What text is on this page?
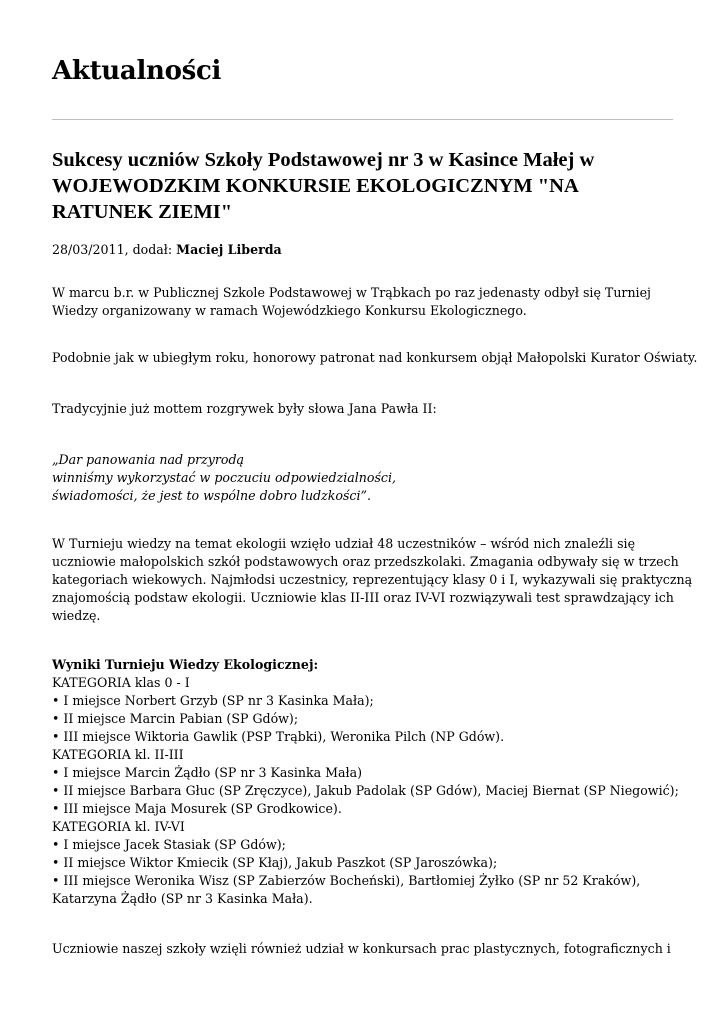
Aktualności
Sukcesy uczniów Szkoły Podstawowej nr 3 w Kasince Małej w WOJEWODZKIM KONKURSIE EKOLOGICZNYM "NA RATUNEK ZIEMI"
28/03/2011, dodał: Maciej Liberda

W marcu b.r. w Publicznej Szkole Podstawowej w Trąbkach po raz jedenasty odbył się Turniej
Wiedzy organizowany w ramach Wojewódzkiego Konkursu Ekologicznego.

Podobnie jak w ubiegłym roku, honorowy patronat nad konkursem objął Małopolski Kurator Oświaty.

Tradycyjnie już mottem rozgrywek były słowa Jana Pawła II:

„Dar panowania nad przyrodą
winniśmy wykorzystać w poczuciu odpowiedzialności,
świadomości, że jest to wspólne dobro ludzkości”.

W Turnieju wiedzy na temat ekologii wzięło udział 48 uczestników – wśród nich znaleźli się
uczniowie małopolskich szkół podstawowych oraz przedszkolaki. Zmagania odbywały się w trzech
kategoriach wiekowych. Najmłodsi uczestnicy, reprezentujący klasy 0 i I, wykazywali się praktyczną
znajomością podstaw ekologii. Uczniowie klas II-III oraz IV-VI rozwiązywali test sprawdzający ich
wiedzę.

Wyniki Turnieju Wiedzy Ekologicznej:
KATEGORIA klas 0 - I
• I miejsce Norbert Grzyb (SP nr 3 Kasinka Mała);
• II miejsce Marcin Pabian (SP Gdów);
• III miejsce Wiktoria Gawlik (PSP Trąbki), Weronika Pilch (NP Gdów).
KATEGORIA kl. II-III
• I miejsce Marcin Żądło (SP nr 3 Kasinka Mała)
• II miejsce Barbara Głuc (SP Zręczyce), Jakub Padolak (SP Gdów), Maciej Biernat (SP Niegowić);
• III miejsce Maja Mosurek (SP Grodkowice).
KATEGORIA kl. IV-VI
• I miejsce Jacek Stasiak (SP Gdów);
• II miejsce Wiktor Kmiecik (SP Kłaj), Jakub Paszkot (SP Jaroszówka);
• III miejsce Weronika Wisz (SP Zabierzów Bocheński), Bartłomiej Żyłko (SP nr 52 Kraków),
Katarzyna Żądło (SP nr 3 Kasinka Mała).

Uczniowie naszej szkoły wzięli również udział w konkursach prac plastycznych, fotograficznych i
